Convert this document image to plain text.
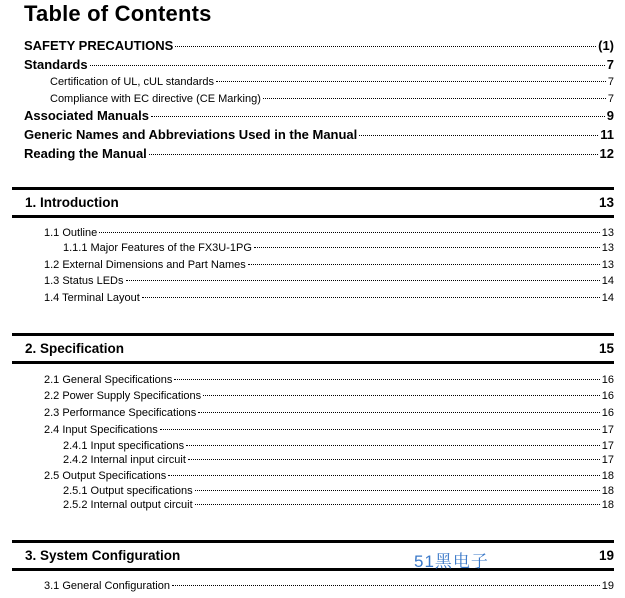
Table of Contents
SAFETY PRECAUTIONS	(1)
Standards	7
Certification of UL, cUL standards	7
Compliance with EC directive (CE Marking)	7
Associated Manuals	9
Generic Names and Abbreviations Used in the Manual	11
Reading the Manual	12
1. Introduction	13
1.1 Outline	13
1.1.1 Major Features of the FX3U-1PG	13
1.2 External Dimensions and Part Names	13
1.3 Status LEDs	14
1.4 Terminal Layout	14
2. Specification	15
2.1 General Specifications	16
2.2 Power Supply Specifications	16
2.3 Performance Specifications	16
2.4 Input Specifications	17
2.4.1 Input specifications	17
2.4.2 Internal input circuit	17
2.5 Output Specifications	18
2.5.1 Output specifications	18
2.5.2 Internal output circuit	18
3. System Configuration	19
51黑电子
3.1 General Configuration	19
